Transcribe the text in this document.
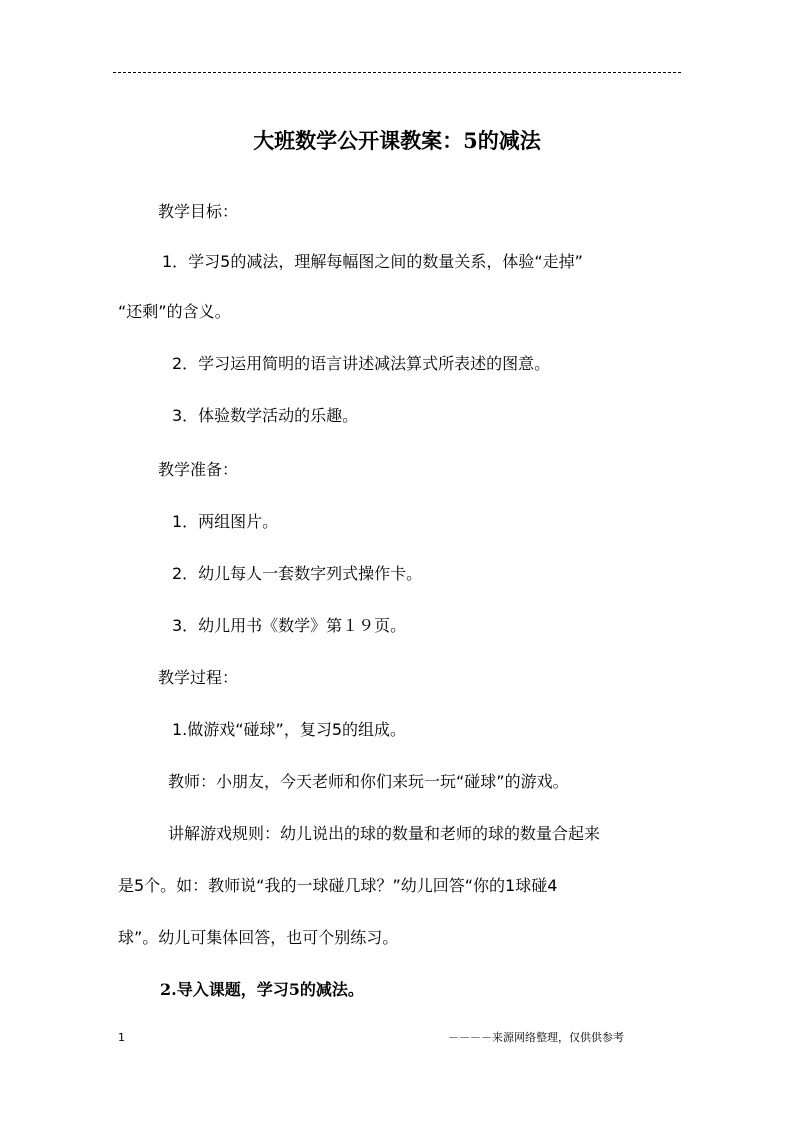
大班数学公开课教案：5的减法
教学目标：
1．学习5的减法，理解每幅图之间的数量关系，体验“走掉”
“还剩”的含义。
2．学习运用简明的语言讲述减法算式所表述的图意。
3．体验数学活动的乐趣。
教学准备：
1．两组图片。
2．幼儿每人一套数字列式操作卡。
3．幼儿用书《数学》第１９页。
教学过程：
1.做游戏“碰球”，复习5的组成。
教师：小朋友，今天老师和你们来玩一玩“碰球”的游戏。
讲解游戏规则：幼儿说出的球的数量和老师的球的数量合起来
是5个。如：教师说“我的一球碰几球？”幼儿回答“你的1球碰4
球”。幼儿可集体回答，也可个别练习。
2.导入课题，学习5的减法。
1	－－－－来源网络整理，仅供供参考
